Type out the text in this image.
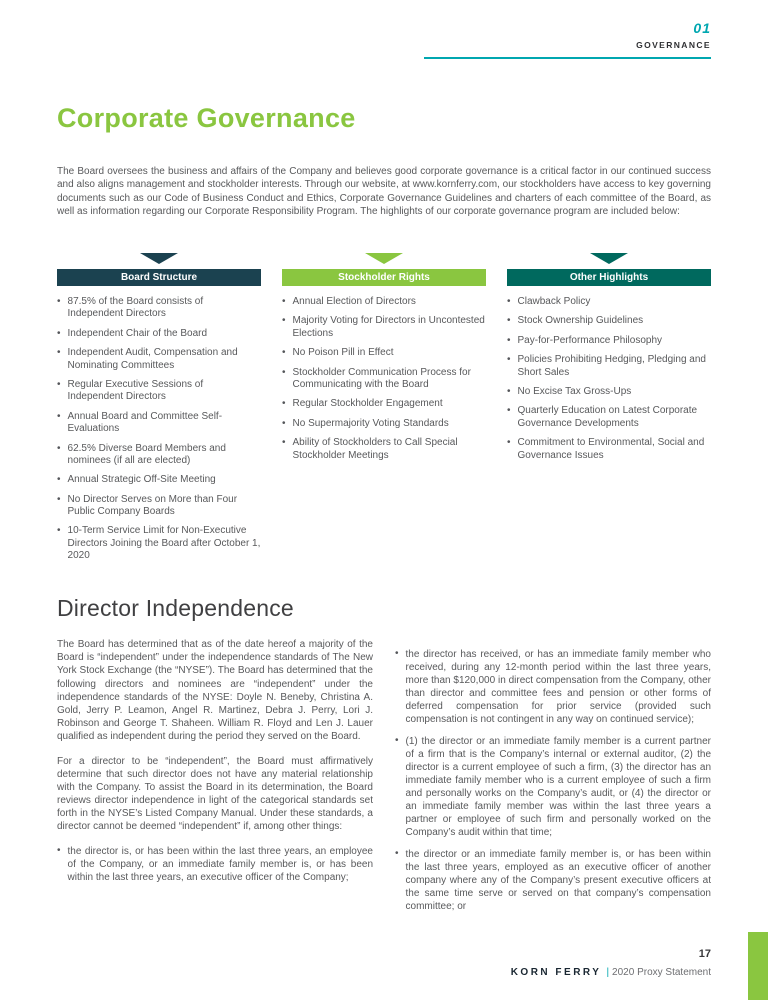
01
GOVERNANCE
Corporate Governance

The Board oversees the business and affairs of the Company and believes good corporate governance is a critical factor in our continued success and also aligns management and stockholder interests. Through our website, at www.kornferry.com, our stockholders have access to key governing documents such as our Code of Business Conduct and Ethics, Corporate Governance Guidelines and charters of each committee of the Board, as well as information regarding our Corporate Responsibility Program. The highlights of our corporate governance program are included below:

Board Structure
• 87.5% of the Board consists of Independent Directors
• Independent Chair of the Board
• Independent Audit, Compensation and Nominating Committees
• Regular Executive Sessions of Independent Directors
• Annual Board and Committee Self-Evaluations
• 62.5% Diverse Board Members and nominees (if all are elected)
• Annual Strategic Off-Site Meeting
• No Director Serves on More than Four Public Company Boards
• 10-Term Service Limit for Non-Executive Directors Joining the Board after October 1, 2020
Stockholder Rights
• Annual Election of Directors
• Majority Voting for Directors in Uncontested Elections
• No Poison Pill in Effect
• Stockholder Communication Process for Communicating with the Board
• Regular Stockholder Engagement
• No Supermajority Voting Standards
• Ability of Stockholders to Call Special Stockholder Meetings
Other Highlights
• Clawback Policy
• Stock Ownership Guidelines
• Pay-for-Performance Philosophy
• Policies Prohibiting Hedging, Pledging and Short Sales
• No Excise Tax Gross-Ups
• Quarterly Education on Latest Corporate Governance Developments
• Commitment to Environmental, Social and Governance Issues
Director Independence

The Board has determined that as of the date hereof a majority of the Board is “independent” under the independence standards of The New York Stock Exchange (the “NYSE”). The Board has determined that the following directors and nominees are “independent” under the independence standards of the NYSE: Doyle N. Beneby, Christina A. Gold, Jerry P. Leamon, Angel R. Martinez, Debra J. Perry, Lori J. Robinson and George T. Shaheen. William R. Floyd and Len J. Lauer qualified as independent during the period they served on the Board.

For a director to be “independent”, the Board must affirmatively determine that such director does not have any material relationship with the Company. To assist the Board in its determination, the Board reviews director independence in light of the categorical standards set forth in the NYSE’s Listed Company Manual. Under these standards, a director cannot be deemed “independent” if, among other things:

• the director is, or has been within the last three years, an employee of the Company, or an immediate family member is, or has been within the last three years, an executive officer of the Company;
• the director has received, or has an immediate family member who received, during any 12-month period within the last three years, more than $120,000 in direct compensation from the Company, other than director and committee fees and pension or other forms of deferred compensation for prior service (provided such compensation is not contingent in any way on continued service);
• (1) the director or an immediate family member is a current partner of a firm that is the Company’s internal or external auditor, (2) the director is a current employee of such a firm, (3) the director has an immediate family member who is a current employee of such a firm and personally works on the Company’s audit, or (4) the director or an immediate family member was within the last three years a partner or employee of such firm and personally worked on the Company’s audit within that time;
• the director or an immediate family member is, or has been within the last three years, employed as an executive officer of another company where any of the Company’s present executive officers at the same time serve or served on that company’s compensation committee; or
17
KORN FERRY | 2020 Proxy Statement
